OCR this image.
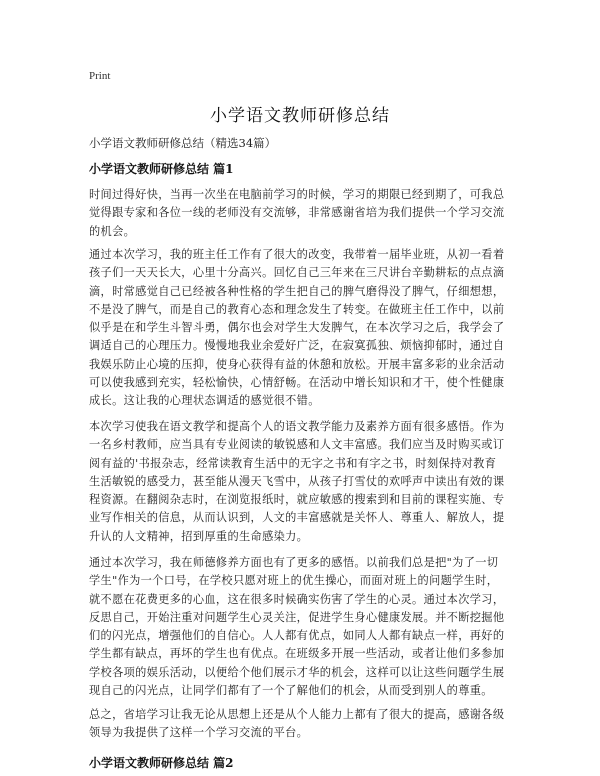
Print
小学语文教师研修总结

小学语文教师研修总结（精选34篇）

小学语文教师研修总结 篇1
时间过得好快，当再一次坐在电脑前学习的时候，学习的期限已经到期了，可我总
觉得跟专家和各位一线的老师没有交流够，非常感谢省培为我们提供一个学习交流
的机会。
通过本次学习，我的班主任工作有了很大的改变，我带着一届毕业班，从初一看着
孩子们一天天长大，心里十分高兴。回忆自己三年来在三尺讲台辛勤耕耘的点点滴
滴，时常感觉自己已经被各种性格的学生把自己的脾气磨得没了脾气，仔细想想，
不是没了脾气，而是自己的教育心态和理念发生了转变。在做班主任工作中，以前
似乎是在和学生斗智斗勇，偶尔也会对学生大发脾气，在本次学习之后，我学会了
调适自己的心理压力。慢慢地我业余爱好广泛，在寂寞孤独、烦恼抑郁时，通过自
我娱乐防止心境的压抑，使身心获得有益的休憩和放松。开展丰富多彩的业余活动
可以使我感到充实，轻松愉快，心情舒畅。在活动中增长知识和才干，使个性健康
成长。这让我的心理状态调适的感觉很不错。
本次学习使我在语文教学和提高个人的语文教学能力及素养方面有很多感悟。作为
一名乡村教师，应当具有专业阅读的敏锐感和人文丰富感。我们应当及时购买或订
阅有益的'书报杂志，经常读教育生活中的无字之书和有字之书，时刻保持对教育
生活敏锐的感受力，甚至能从漫天飞雪中，从孩子打雪仗的欢呼声中读出有效的课
程资源。在翻阅杂志时，在浏览报纸时，就应敏感的搜索到和目前的课程实施、专
业写作相关的信息，从而认识到，人文的丰富感就是关怀人、尊重人、解放人，提
升认的人文精神，招到厚重的生命感染力。
通过本次学习，我在师德修养方面也有了更多的感悟。以前我们总是把"为了一切
学生"作为一个口号，在学校只愿对班上的优生操心，而面对班上的问题学生时，
就不愿在花费更多的心血，这在很多时候确实伤害了学生的心灵。通过本次学习，
反思自己，开始注重对问题学生心灵关注，促进学生身心健康发展。并不断挖掘他
们的闪光点，增强他们的自信心。人人都有优点，如同人人都有缺点一样，再好的
学生都有缺点，再坏的学生也有优点。在班级多开展一些活动，或者让他们多参加
学校各项的娱乐活动，以便给个他们展示才华的机会，这样可以让这些问题学生展
现自己的闪光点，让同学们都有了一个了解他们的机会，从而受到别人的尊重。
总之，省培学习让我无论从思想上还是从个人能力上都有了很大的提高，感谢各级
领导为我提供了这样一个学习交流的平台。
小学语文教师研修总结 篇2
